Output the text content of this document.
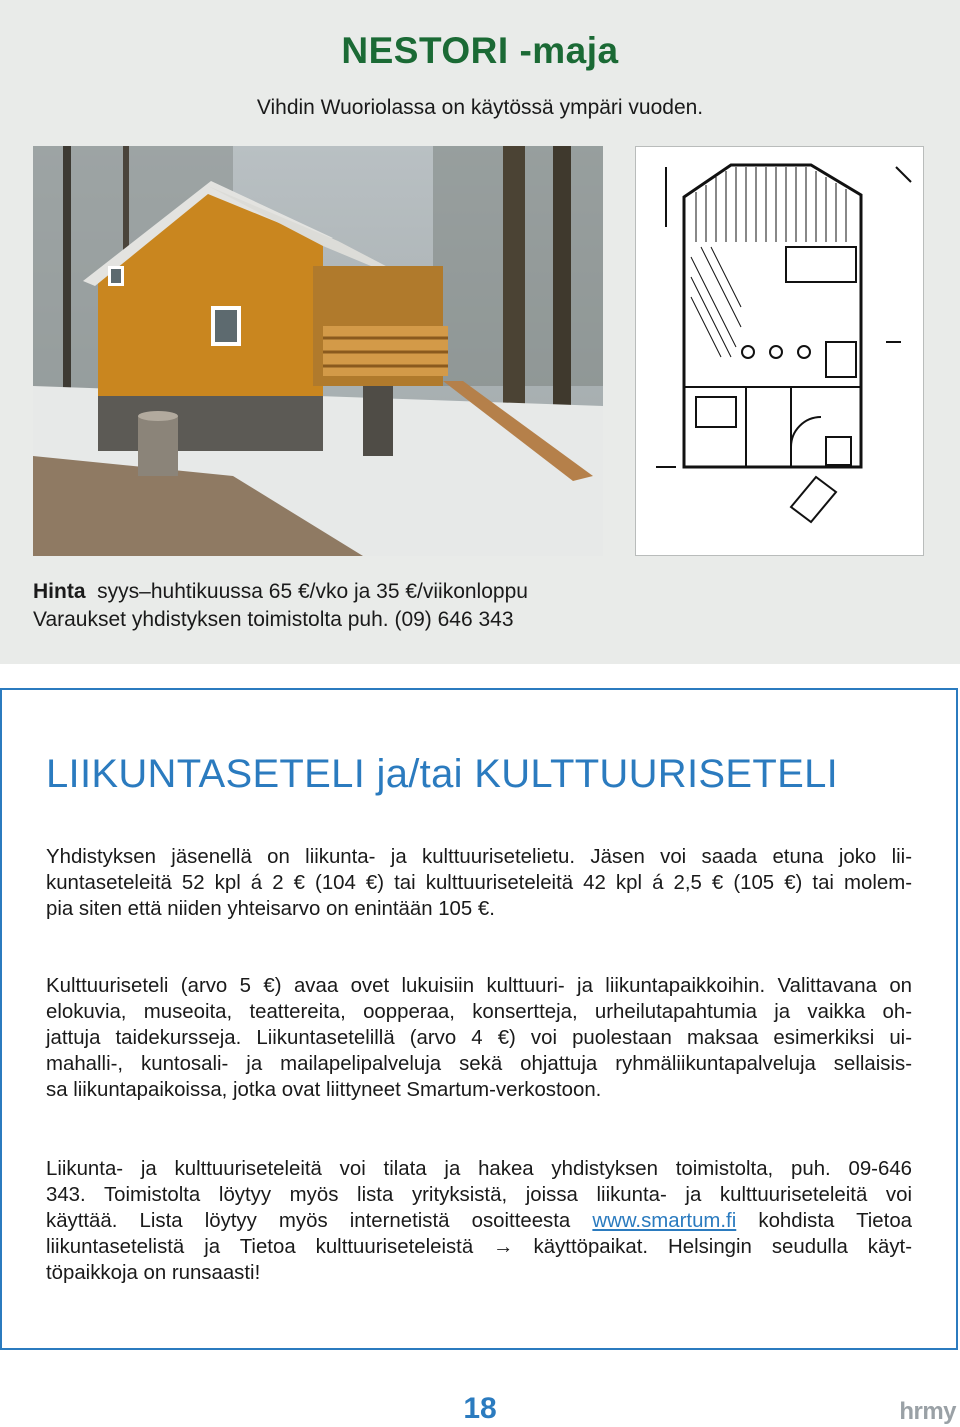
NESTORI -maja
Vihdin Wuoriolassa on käytössä ympäri vuoden.
Hinta syys–huhtikuussa 65 €/vko ja 35 €/viikonloppu
Varaukset yhdistyksen toimistolta puh. (09) 646 343
LIIKUNTASETELI ja/tai KULTTUURISETELI
Yhdistyksen jäsenellä on liikunta- ja kulttuurisetelietu. Jäsen voi saada etuna joko lii-
kuntaseteleitä 52 kpl á 2 € (104 €) tai kulttuuriseteleitä 42 kpl á 2,5 € (105 €) tai molem-
pia siten että niiden yhteisarvo on enintään 105 €.
Kulttuuriseteli (arvo 5 €) avaa ovet lukuisiin kulttuuri- ja liikuntapaikkoihin. Valittavana on
elokuvia, museoita, teattereita, oopperaa, konsertteja, urheilutapahtumia ja vaikka oh-
jattuja taidekursseja. Liikuntasetelillä (arvo 4 €) voi puolestaan maksaa esimerkiksi ui-
mahalli-, kuntosali- ja mailapelipalveluja sekä ohjattuja ryhmäliikuntapalveluja sellaisis-
sa liikuntapaikoissa, jotka ovat liittyneet Smartum-verkostoon.
Liikunta- ja kulttuuriseteleitä voi tilata ja hakea yhdistyksen toimistolta, puh. 09-646
343. Toimistolta löytyy myös lista yrityksistä, joissa liikunta- ja kulttuuriseteleitä voi
käyttää. Lista löytyy myös internetistä osoitteesta www.smartum.fi kohdista Tietoa
liikuntasetelistä ja Tietoa kulttuuriseteleistä → käyttöpaikat. Helsingin seudulla käyt-
töpaikkoja on runsaasti!
18	hrmy
